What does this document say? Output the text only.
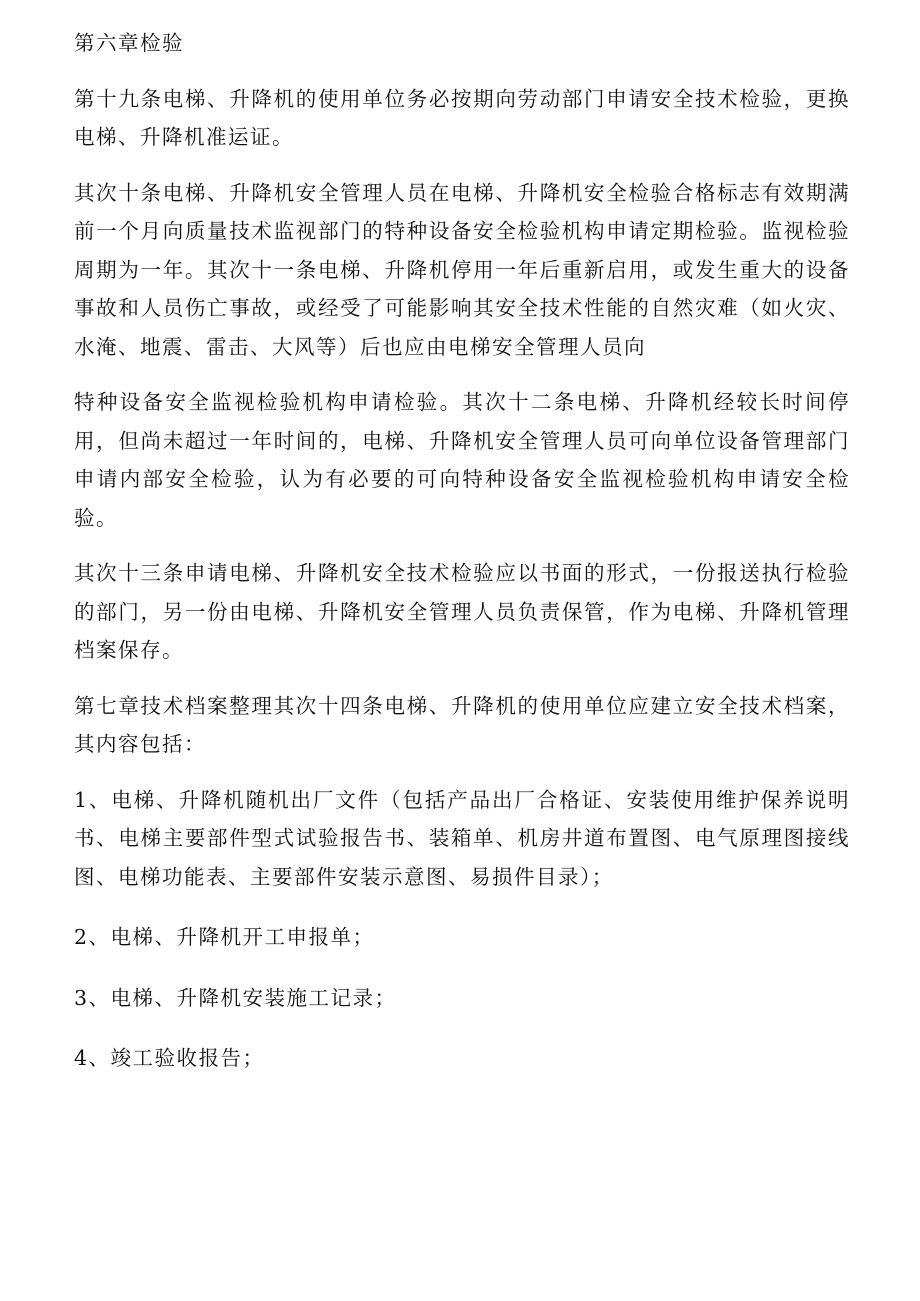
第六章检验

第十九条电梯、升降机的使用单位务必按期向劳动部门申请安全技术检验，更换电梯、升降机准运证。

其次十条电梯、升降机安全管理人员在电梯、升降机安全检验合格标志有效期满前一个月向质量技术监视部门的特种设备安全检验机构申请定期检验。监视检验周期为一年。其次十一条电梯、升降机停用一年后重新启用，或发生重大的设备事故和人员伤亡事故，或经受了可能影响其安全技术性能的自然灾难（如火灾、水淹、地震、雷击、大风等）后也应由电梯安全管理人员向

特种设备安全监视检验机构申请检验。其次十二条电梯、升降机经较长时间停用，但尚未超过一年时间的，电梯、升降机安全管理人员可向单位设备管理部门申请内部安全检验，认为有必要的可向特种设备安全监视检验机构申请安全检验。

其次十三条申请电梯、升降机安全技术检验应以书面的形式，一份报送执行检验的部门，另一份由电梯、升降机安全管理人员负责保管，作为电梯、升降机管理档案保存。

第七章技术档案整理其次十四条电梯、升降机的使用单位应建立安全技术档案，其内容包括：

1、电梯、升降机随机出厂文件（包括产品出厂合格证、安装使用维护保养说明书、电梯主要部件型式试验报告书、装箱单、机房井道布置图、电气原理图接线图、电梯功能表、主要部件安装示意图、易损件目录）；

2、电梯、升降机开工申报单；

3、电梯、升降机安装施工记录；

4、竣工验收报告；
